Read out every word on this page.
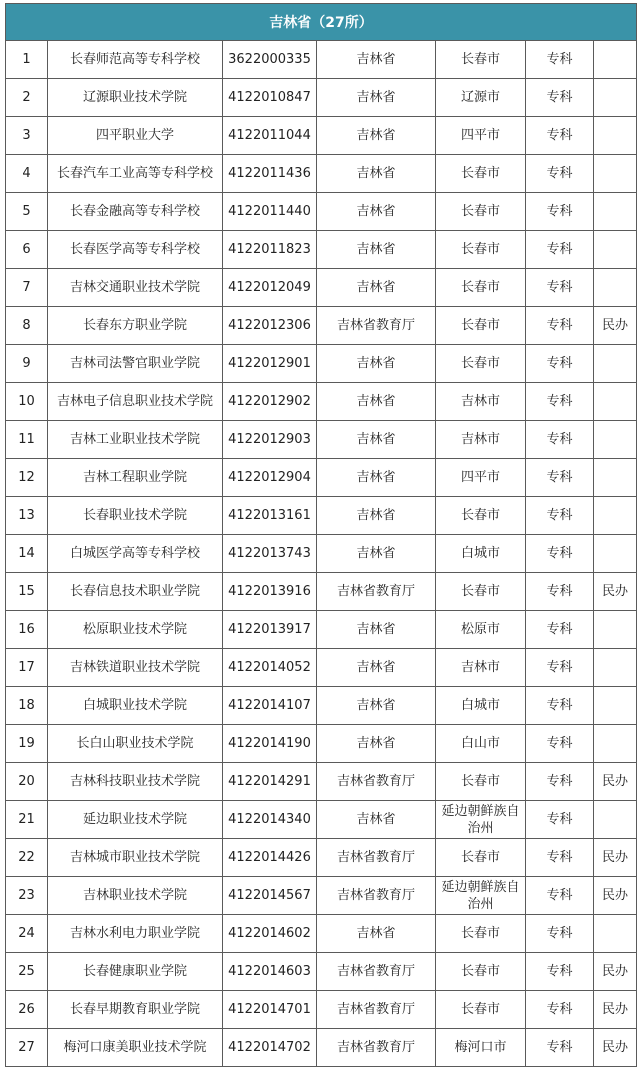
吉林省（27所）						
1	长春师范高等专科学校	3622000335	吉林省	长春市	专科	
2	辽源职业技术学院	4122010847	吉林省	辽源市	专科	
3	四平职业大学	4122011044	吉林省	四平市	专科	
4	长春汽车工业高等专科学校	4122011436	吉林省	长春市	专科	
5	长春金融高等专科学校	4122011440	吉林省	长春市	专科	
6	长春医学高等专科学校	4122011823	吉林省	长春市	专科	
7	吉林交通职业技术学院	4122012049	吉林省	长春市	专科	
8	长春东方职业学院	4122012306	吉林省教育厅	长春市	专科	民办
9	吉林司法警官职业学院	4122012901	吉林省	长春市	专科	
10	吉林电子信息职业技术学院	4122012902	吉林省	吉林市	专科	
11	吉林工业职业技术学院	4122012903	吉林省	吉林市	专科	
12	吉林工程职业学院	4122012904	吉林省	四平市	专科	
13	长春职业技术学院	4122013161	吉林省	长春市	专科	
14	白城医学高等专科学校	4122013743	吉林省	白城市	专科	
15	长春信息技术职业学院	4122013916	吉林省教育厅	长春市	专科	民办
16	松原职业技术学院	4122013917	吉林省	松原市	专科	
17	吉林铁道职业技术学院	4122014052	吉林省	吉林市	专科	
18	白城职业技术学院	4122014107	吉林省	白城市	专科	
19	长白山职业技术学院	4122014190	吉林省	白山市	专科	
20	吉林科技职业技术学院	4122014291	吉林省教育厅	长春市	专科	民办
21	延边职业技术学院	4122014340	吉林省	延边朝鲜族自治州	专科	
22	吉林城市职业技术学院	4122014426	吉林省教育厅	长春市	专科	民办
23	吉林职业技术学院	4122014567	吉林省教育厅	延边朝鲜族自治州	专科	民办
24	吉林水利电力职业学院	4122014602	吉林省	长春市	专科	
25	长春健康职业学院	4122014603	吉林省教育厅	长春市	专科	民办
26	长春早期教育职业学院	4122014701	吉林省教育厅	长春市	专科	民办
27	梅河口康美职业技术学院	4122014702	吉林省教育厅	梅河口市	专科	民办
